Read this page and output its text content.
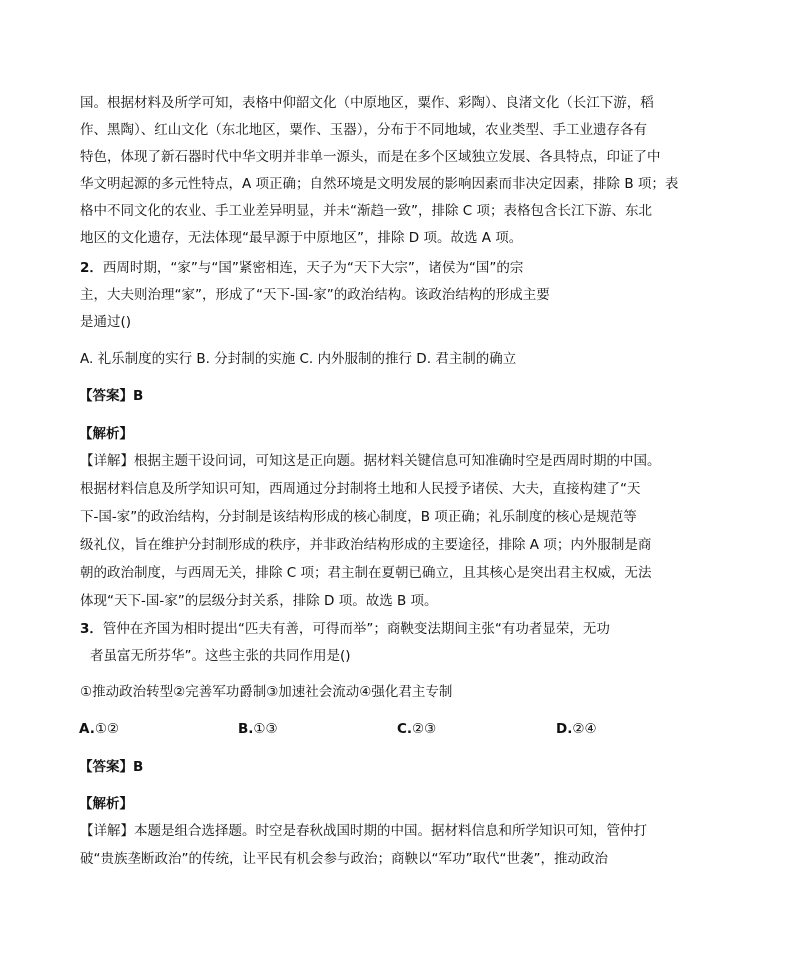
国。根据材料及所学可知，表格中仰韶文化（中原地区，粟作、彩陶）、良渚文化（长江下游，稻
作、黑陶）、红山文化（东北地区，粟作、玉器），分布于不同地域，农业类型、手工业遗存各有
特色，体现了新石器时代中华文明并非单一源头，而是在多个区域独立发展、各具特点，印证了中
华文明起源的多元性特点，A 项正确；自然环境是文明发展的影响因素而非决定因素，排除 B 项；表
格中不同文化的农业、手工业差异明显，并未“渐趋一致”，排除 C 项；表格包含长江下游、东北
地区的文化遗存，无法体现“最早源于中原地区”，排除 D 项。故选 A 项。
2．西周时期，“家”与“国”紧密相连，天子为“天下大宗”，诸侯为“国”的宗
主，大夫则治理“家”，形成了“天下-国-家”的政治结构。该政治结构的形成主要
是通过()
A. 礼乐制度的实行 B. 分封制的实施 C. 内外服制的推行 D. 君主制的确立
【答案】B
【解析】
【详解】根据主题干设问词，可知这是正向题。据材料关键信息可知准确时空是西周时期的中国。
根据材料信息及所学知识可知，西周通过分封制将土地和人民授予诸侯、大夫，直接构建了“天
下-国-家”的政治结构，分封制是该结构形成的核心制度，B 项正确；礼乐制度的核心是规范等
级礼仪，旨在维护分封制形成的秩序，并非政治结构形成的主要途径，排除 A 项；内外服制是商
朝的政治制度，与西周无关，排除 C 项；君主制在夏朝已确立，且其核心是突出君主权威，无法
体现“天下-国-家”的层级分封关系，排除 D 项。故选 B 项。
3．管仲在齐国为相时提出“匹夫有善，可得而举”；商鞅变法期间主张“有功者显荣，无功
者虽富无所芬华”。这些主张的共同作用是()
①推动政治转型②完善军功爵制③加速社会流动④强化君主专制
A.①②	B.①③	C.②③	D.②④
【答案】B
【解析】
【详解】本题是组合选择题。时空是春秋战国时期的中国。据材料信息和所学知识可知，管仲打
破“贵族垄断政治”的传统，让平民有机会参与政治；商鞅以“军功”取代“世袭”，推动政治
